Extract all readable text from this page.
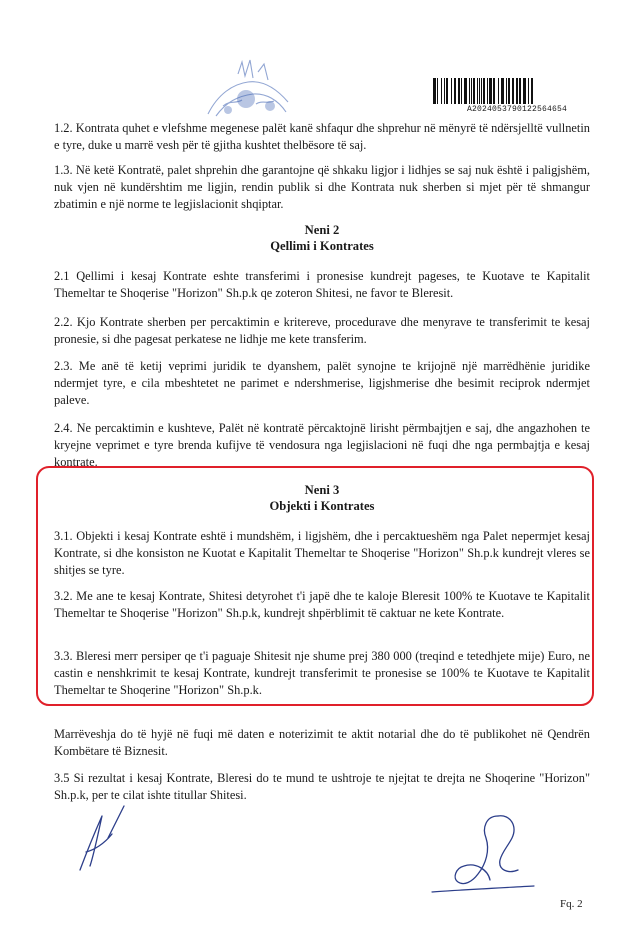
A2024053790122564654

1.2. Kontrata quhet e vlefshme megenese palët kanë shfaqur dhe shprehur në mënyrë të ndërsjelltë vullnetin e tyre, duke u marrë vesh për të gjitha kushtet thelbësore të saj.

1.3. Në ketë Kontratë, palet shprehin dhe garantojne që shkaku ligjor i lidhjes se saj nuk është i paligjshëm, nuk vjen në kundërshtim me ligjin, rendin publik si dhe Kontrata nuk sherben si mjet për të shmangur zbatimin e një norme te legjislacionit shqiptar.

Neni 2

Qellimi i Kontrates

2.1 Qellimi i kesaj Kontrate eshte transferimi i pronesise kundrejt pageses, te Kuotave te Kapitalit Themeltar te Shoqerise "Horizon" Sh.p.k qe zoteron Shitesi, ne favor te Bleresit.

2.2. Kjo Kontrate sherben per percaktimin e kritereve, procedurave dhe menyrave te transferimit te kesaj pronesie, si dhe pagesat perkatese ne lidhje me kete transferim.

2.3. Me anë të ketij veprimi juridik te dyanshem, palët synojne te krijojnë një marrëdhënie juridike ndermjet tyre, e cila mbeshtetet ne parimet e ndershmerise, ligjshmerise dhe besimit reciprok ndermjet paleve.

2.4. Ne percaktimin e kushteve, Palët në kontratë përcaktojnë lirisht përmbajtjen e saj, dhe angazhohen te kryejne veprimet e tyre brenda kufijve të vendosura nga legjislacioni në fuqi dhe nga permbajtja e kesaj kontrate.

Neni 3

Objekti i Kontrates

3.1. Objekti i kesaj Kontrate eshtë i mundshëm, i ligjshëm, dhe i percaktueshëm nga Palet nepermjet kesaj Kontrate, si dhe konsiston ne Kuotat e Kapitalit Themeltar te Shoqerise "Horizon" Sh.p.k kundrejt vleres se shitjes se tyre.

3.2. Me ane te kesaj Kontrate, Shitesi detyrohet t'i japë dhe te kaloje Bleresit 100% te Kuotave te Kapitalit Themeltar te Shoqerise "Horizon" Sh.p.k, kundrejt shpërblimit të caktuar ne kete Kontrate.

3.3. Bleresi merr persiper qe t'i paguaje Shitesit nje shume prej 380 000 (treqind e tetedhjete mije) Euro, ne castin e nenshkrimit te kesaj Kontrate, kundrejt transferimit te pronesise se 100% te Kuotave te Kapitalit Themeltar te Shoqerine "Horizon" Sh.p.k.

Marrëveshja do të hyjë në fuqi më daten e noterizimit te aktit notarial dhe do të publikohet në Qendrën Kombëtare të Biznesit.

3.5 Si rezultat i kesaj Kontrate, Bleresi do te mund te ushtroje te njejtat te drejta ne Shoqerine "Horizon" Sh.p.k, per te cilat ishte titullar Shitesi.

Fq. 2
